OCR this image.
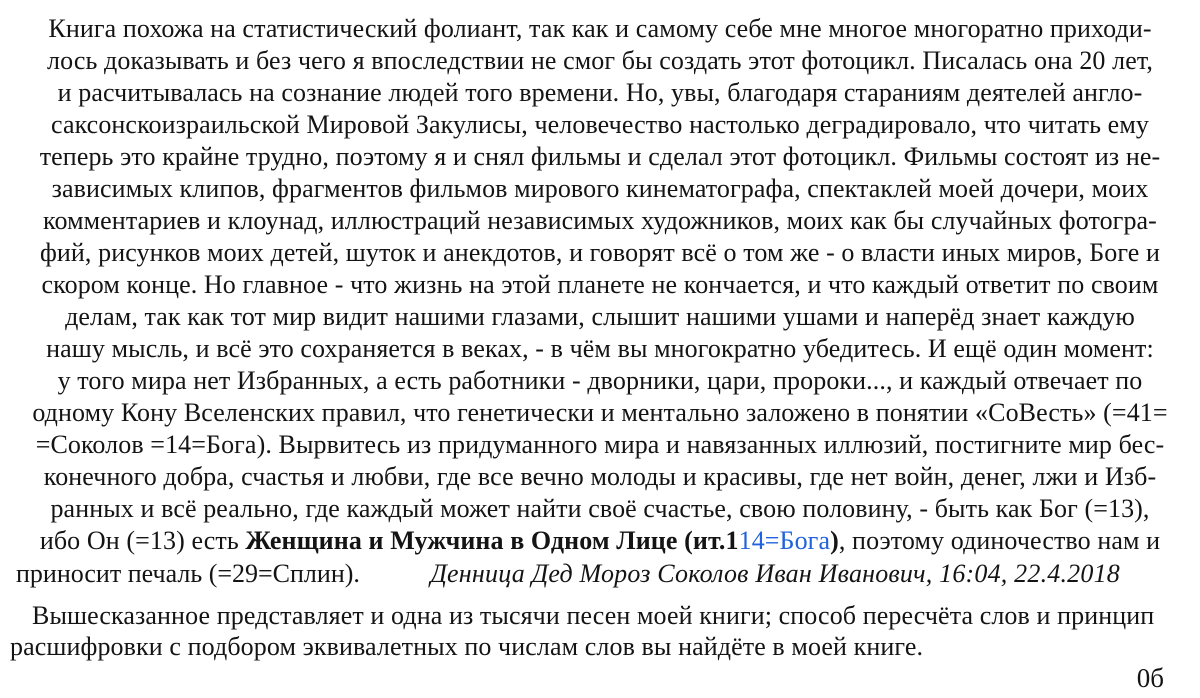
Книга похожа на статистический фолиант, так как и самому себе мне многое многоратно приходи-
лось доказывать и без чего я впоследствии не смог бы создать этот фотоцикл. Писалась она 20 лет,
и расчитывалась на сознание людей того времени. Но, увы, благодаря стараниям деятелей англо-
саксонскоизраильской Мировой Закулисы, человечество настолько деградировало, что читать ему
теперь это крайне трудно, поэтому я и снял фильмы и сделал этот фотоцикл. Фильмы состоят из не-
зависимых клипов, фрагментов фильмов мирового кинематографа, спектаклей моей дочери, моих
комментариев и клоунад, иллюстраций независимых художников, моих как бы случайных фотогра-
фий, рисунков моих детей, шуток и анекдотов, и говорят всё о том же - о власти иных миров, Боге и
скором конце. Но главное - что жизнь на этой планете не кончается, и что каждый ответит по своим
делам, так как тот мир видит нашими глазами, слышит нашими ушами и наперёд знает каждую
нашу мысль, и всё это сохраняется в веках, - в чём вы многократно убедитесь. И ещё один момент:
у того мира нет Избранных, а есть работники - дворники, цари, пророки..., и каждый отвечает по
одному Кону Вселенских правил, что генетически и ментально заложено в понятии «СоВесть» (=41=
=Соколов =14=Бога). Вырвитесь из придуманного мира и навязанных иллюзий, постигните мир бес-
конечного добра, счастья и любви, где все вечно молоды и красивы, где нет войн, денег, лжи и Изб-
ранных и всё реально, где каждый может найти своё счастье, свою половину, - быть как Бог (=13),
ибо Он (=13) есть Женщина и Мужчина в Одном Лице (ит.114=Бога), поэтому одиночество нам и
приносит печаль (=29=Сплин).	Денница Дед Мороз Соколов Иван Иванович, 16:04, 22.4.2018
Вышесказанное представляет и одна из тысячи песен моей книги; способ пересчёта слов и принцип
расшифровки с подбором эквивалетных по числам слов вы найдёте в моей книге.
0б
